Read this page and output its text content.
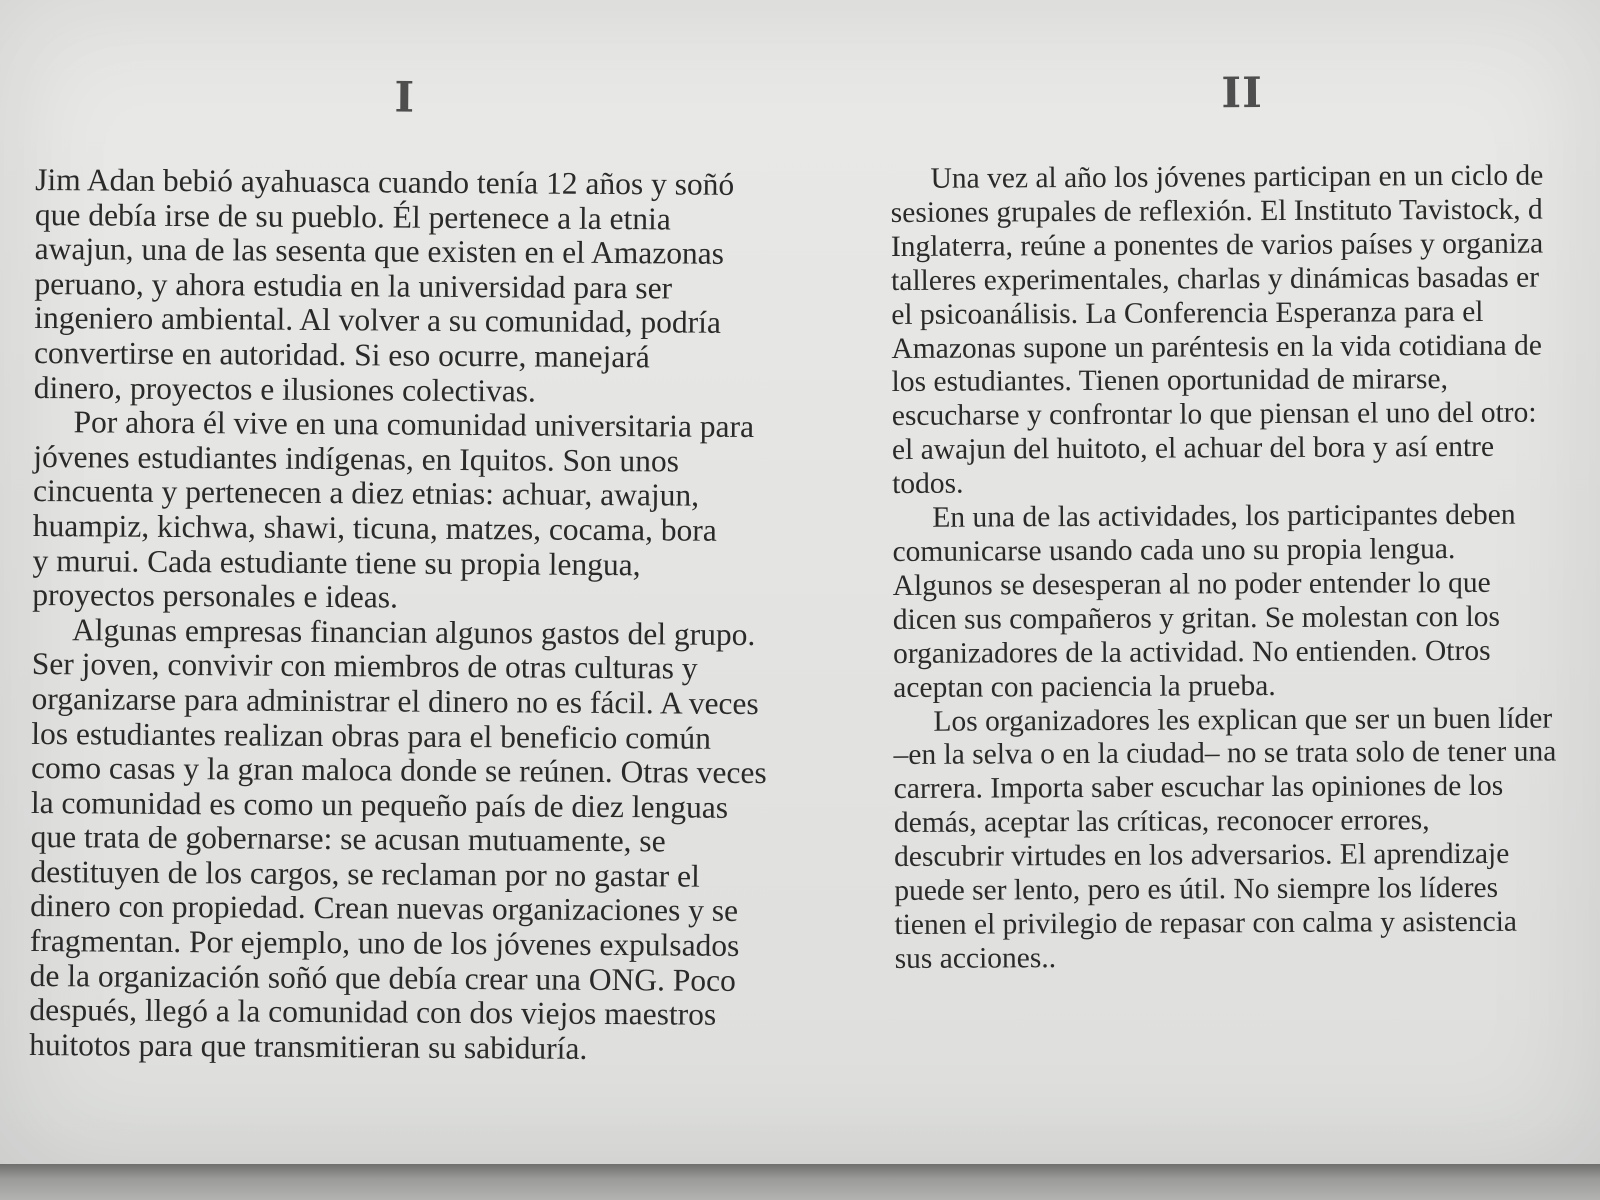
I

Jim Adan bebió ayahuasca cuando tenía 12 años y soñó
que debía irse de su pueblo. Él pertenece a la etnia
awajun, una de las sesenta que existen en el Amazonas
peruano, y ahora estudia en la universidad para ser
ingeniero ambiental. Al volver a su comunidad, podría
convertirse en autoridad. Si eso ocurre, manejará
dinero, proyectos e ilusiones colectivas.

Por ahora él vive en una comunidad universitaria para
jóvenes estudiantes indígenas, en Iquitos. Son unos
cincuenta y pertenecen a diez etnias: achuar, awajun,
huampiz, kichwa, shawi, ticuna, matzes, cocama, bora
y murui. Cada estudiante tiene su propia lengua,
proyectos personales e ideas.

Algunas empresas financian algunos gastos del grupo.
Ser joven, convivir con miembros de otras culturas y
organizarse para administrar el dinero no es fácil. A veces
los estudiantes realizan obras para el beneficio común
como casas y la gran maloca donde se reúnen. Otras veces
la comunidad es como un pequeño país de diez lenguas
que trata de gobernarse: se acusan mutuamente, se
destituyen de los cargos, se reclaman por no gastar el
dinero con propiedad. Crean nuevas organizaciones y se
fragmentan. Por ejemplo, uno de los jóvenes expulsados
de la organización soñó que debía crear una ONG. Poco
después, llegó a la comunidad con dos viejos maestros
huitotos para que transmitieran su sabiduría.

II

Una vez al año los jóvenes participan en un ciclo de
sesiones grupales de reflexión. El Instituto Tavistock, d
Inglaterra, reúne a ponentes de varios países y organiza
talleres experimentales, charlas y dinámicas basadas er
el psicoanálisis. La Conferencia Esperanza para el
Amazonas supone un paréntesis en la vida cotidiana de
los estudiantes. Tienen oportunidad de mirarse,
escucharse y confrontar lo que piensan el uno del otro:
el awajun del huitoto, el achuar del bora y así entre
todos.

En una de las actividades, los participantes deben
comunicarse usando cada uno su propia lengua.
Algunos se desesperan al no poder entender lo que
dicen sus compañeros y gritan. Se molestan con los
organizadores de la actividad. No entienden. Otros
aceptan con paciencia la prueba.

Los organizadores les explican que ser un buen líder
–en la selva o en la ciudad– no se trata solo de tener una
carrera. Importa saber escuchar las opiniones de los
demás, aceptar las críticas, reconocer errores,
descubrir virtudes en los adversarios. El aprendizaje
puede ser lento, pero es útil. No siempre los líderes
tienen el privilegio de repasar con calma y asistencia
sus acciones..
